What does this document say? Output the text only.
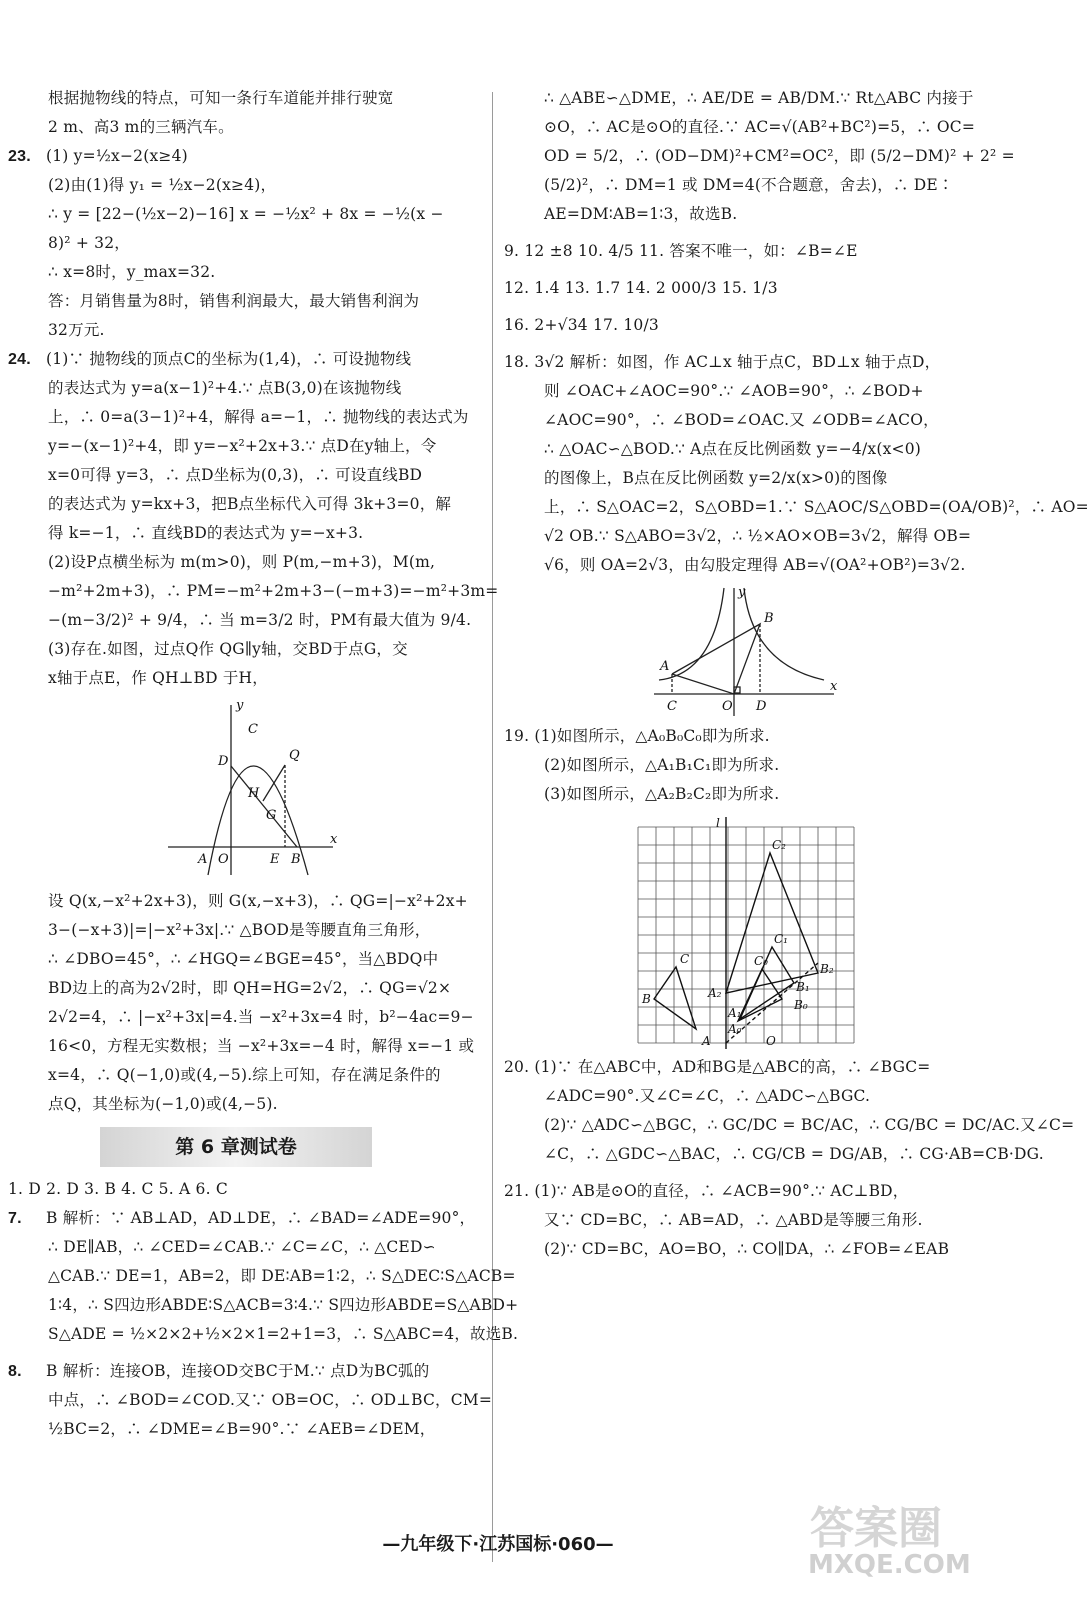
根据抛物线的特点，可知一条行车道能并排行驶宽

2 m、高3 m的三辆汽车。

23. (1) y=½x−2(x≥4)

(2)由(1)得 y₁ = ½x−2(x≥4)，

∴ y = [22−(½x−2)−16] x = −½x² + 8x = −½(x −

8)² + 32，

∴ x=8时，y_max=32.

答：月销售量为8时，销售利润最大，最大销售利润为

32万元.

24. (1)∵ 抛物线的顶点C的坐标为(1,4)，∴ 可设抛物线

的表达式为 y=a(x−1)²+4.∵ 点B(3,0)在该抛物线

上，∴ 0=a(3−1)²+4，解得 a=−1，∴ 抛物线的表达式为

y=−(x−1)²+4，即 y=−x²+2x+3.∵ 点D在y轴上，令

x=0可得 y=3，∴ 点D坐标为(0,3)，∴ 可设直线BD

的表达式为 y=kx+3，把B点坐标代入可得 3k+3=0，解

得 k=−1，∴ 直线BD的表达式为 y=−x+3.

(2)设P点横坐标为 m(m>0)，则 P(m,−m+3)，M(m,

−m²+2m+3)，∴ PM=−m²+2m+3−(−m+3)=−m²+3m=

−(m−3/2)² + 9/4，∴ 当 m=3/2 时，PM有最大值为 9/4.

(3)存在.如图，过点Q作 QG∥y轴，交BD于点G，交

x轴于点E，作 QH⊥BD 于H，

y
C
D	Q
H
G
A O	E B
x

设 Q(x,−x²+2x+3)，则 G(x,−x+3)，∴ QG=|−x²+2x+

3−(−x+3)|=|−x²+3x|.∵ △BOD是等腰直角三角形，

∴ ∠DBO=45°，∴ ∠HGQ=∠BGE=45°，当△BDQ中

BD边上的高为2√2时，即 QH=HG=2√2，∴ QG=√2×

2√2=4，∴ |−x²+3x|=4.当 −x²+3x=4 时，b²−4ac=9−

16<0，方程无实数根；当 −x²+3x=−4 时，解得 x=−1 或

x=4，∴ Q(−1,0)或(4,−5).综上可知，存在满足条件的

点Q，其坐标为(−1,0)或(4,−5).

第 6 章测试卷

1. D 2. D 3. B 4. C 5. A 6. C

7. B 解析：∵ AB⊥AD，AD⊥DE，∴ ∠BAD=∠ADE=90°，

∴ DE∥AB，∴ ∠CED=∠CAB.∵ ∠C=∠C，∴ △CED∽

△CAB.∵ DE=1，AB=2，即 DE∶AB=1∶2，∴ S△DEC∶S△ACB=

1∶4，∴ S四边形ABDE∶S△ACB=3∶4.∵ S四边形ABDE=S△ABD+

S△ADE = ½×2×2+½×2×1=2+1=3，∴ S△ABC=4，故选B.

8. B 解析：连接OB，连接OD交BC于M.∵ 点D为BC弧的

中点，∴ ∠BOD=∠COD.又∵ OB=OC，∴ OD⊥BC，CM=

½BC=2，∴ ∠DME=∠B=90°.∵ ∠AEB=∠DEM，

∴ △ABE∽△DME，∴ AE/DE = AB/DM.∵ Rt△ABC 内接于

⊙O，∴ AC是⊙O的直径.∵ AC=√(AB²+BC²)=5，∴ OC=

OD = 5/2，∴ (OD−DM)²+CM²=OC²，即 (5/2−DM)² + 2² =

(5/2)²，∴ DM=1 或 DM=4(不合题意，舍去)，∴ DE∶

AE=DM∶AB=1∶3，故选B.

9. 12 ±8 10. 4/5 11. 答案不唯一，如：∠B=∠E

12. 1.4 13. 1.7 14. 2 000/3 15. 1/3

16. 2+√34 17. 10/3

18. 3√2 解析：如图，作 AC⊥x 轴于点C，BD⊥x 轴于点D，

则 ∠OAC+∠AOC=90°.∵ ∠AOB=90°，∴ ∠BOD+

∠AOC=90°，∴ ∠BOD=∠OAC.又 ∠ODB=∠ACO，

∴ △OAC∽△BOD.∵ A点在反比例函数 y=−4/x(x<0)

的图像上，B点在反比例函数 y=2/x(x>0)的图像

上，∴ S△OAC=2，S△OBD=1.∵ S△AOC/S△OBD=(OA/OB)²，∴ AO=

√2 OB.∵ S△ABO=3√2，∴ ½×AO×OB=3√2，解得 OB=

√6，则 OA=2√3，由勾股定理得 AB=√(OA²+OB²)=3√2.

y
A
B
C	O D
x

19. (1)如图所示，△A₀B₀C₀即为所求.

(2)如图所示，△A₁B₁C₁即为所求.

(3)如图所示，△A₂B₂C₂即为所求.

l
C₂
C
C₁
C₀
B₂
A₂	B₁
B	B₀
A₁
A₀
A	O

20. (1)∵ 在△ABC中，AD和BG是△ABC的高，∴ ∠BGC=

∠ADC=90°.又∠C=∠C，∴ △ADC∽△BGC.

(2)∵ △ADC∽△BGC，∴ GC/DC = BC/AC，∴ CG/BC = DC/AC.又∠C=

∠C，∴ △GDC∽△BAC，∴ CG/CB = DG/AB，∴ CG·AB=CB·DG.

21. (1)∵ AB是⊙O的直径，∴ ∠ACB=90°.∵ AC⊥BD，

又∵ CD=BC，∴ AB=AD，∴ △ABD是等腰三角形.

(2)∵ CD=BC，AO=BO，∴ CO∥DA，∴ ∠FOB=∠EAB

—九年级下·江苏国标·060—	答案圈
MXQE.COM
